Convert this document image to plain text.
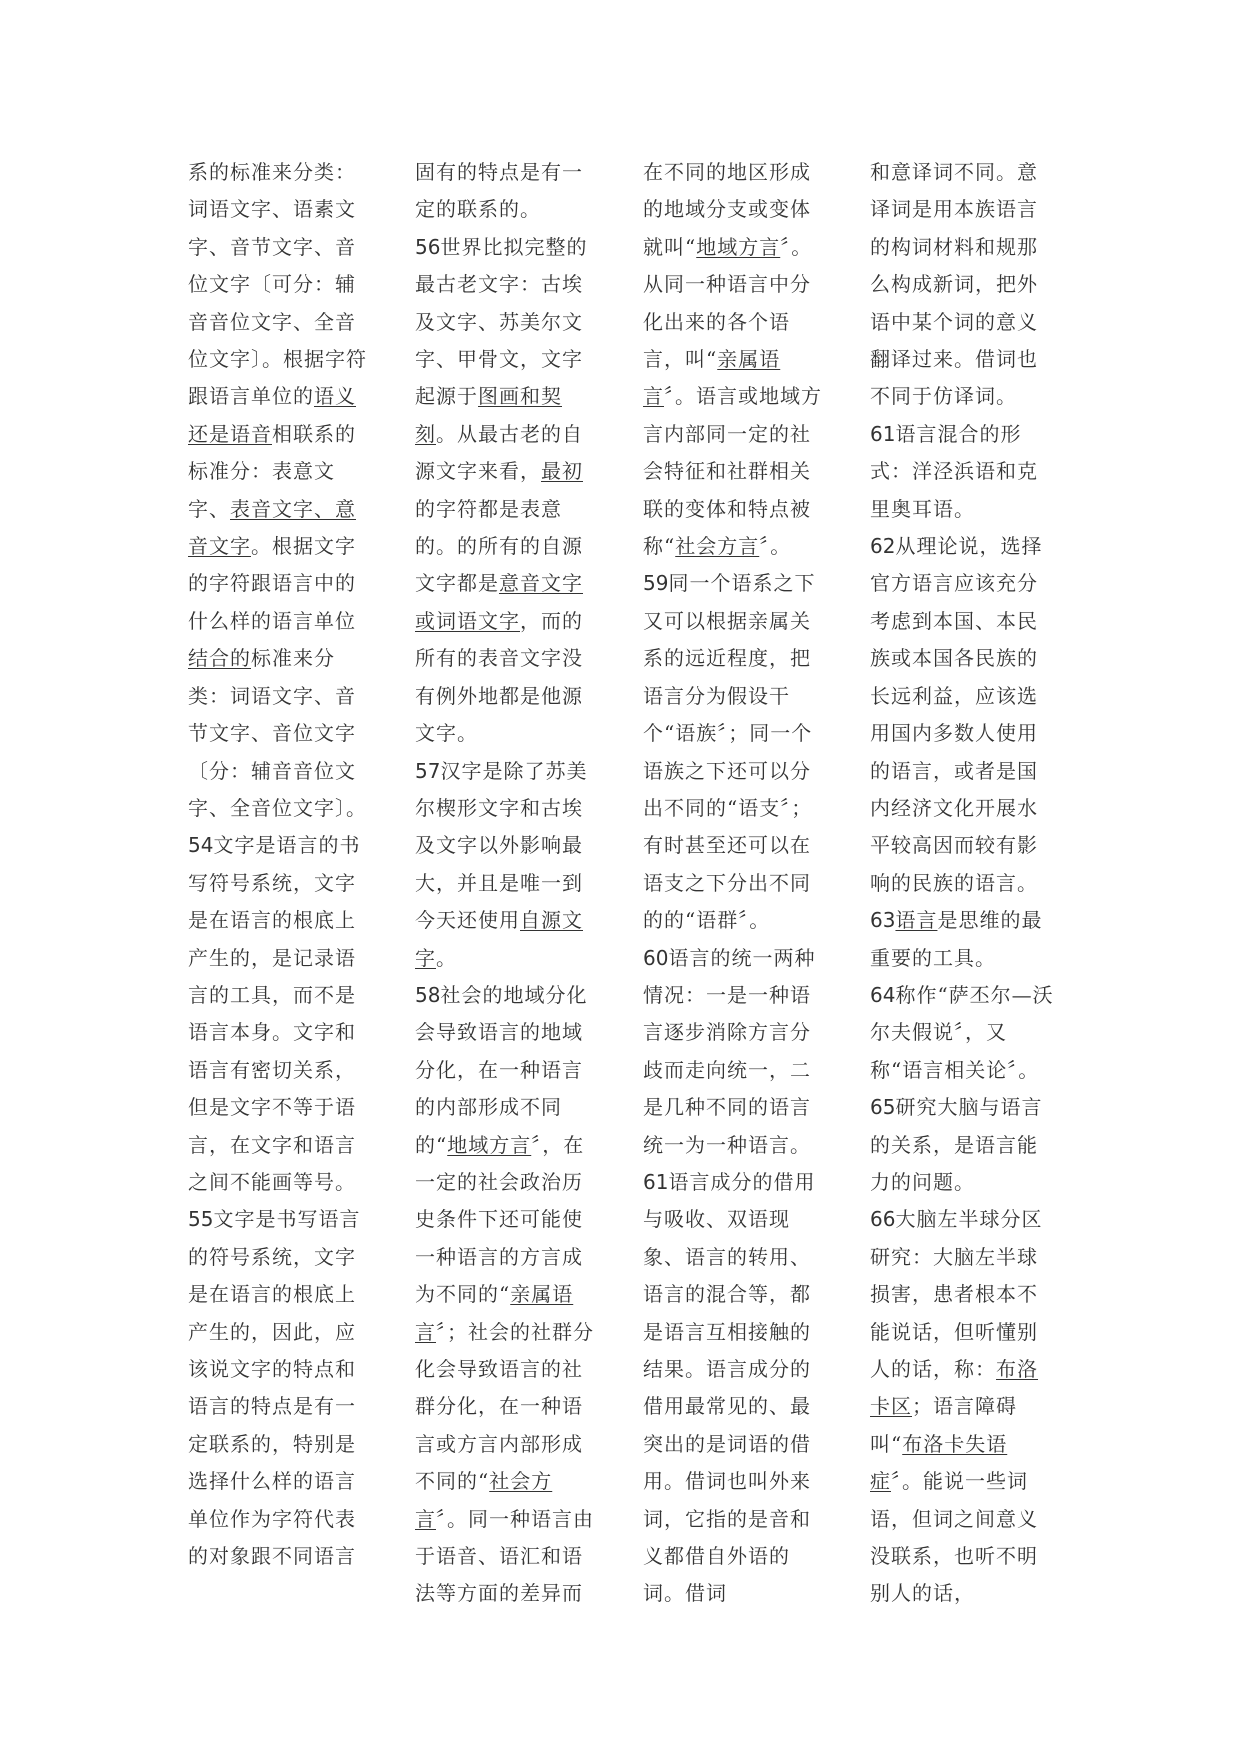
系的标准来分类：词语文字、语素文字、音节文字、音位文字〔可分：辅音音位文字、全音位文字〕。根据字符跟语言单位的语义还是语音相联系的标准分：表意文字、表音文字、意音文字。根据文字的字符跟语言中的什么样的语言单位结合的标准来分类：词语文字、音节文字、音位文字〔分：辅音音位文字、全音位文字〕。
54文字是语言的书写符号系统，文字是在语言的根底上产生的，是记录语言的工具，而不是语言本身。文字和语言有密切关系，但是文字不等于语言，在文字和语言之间不能画等号。
55文字是书写语言的符号系统，文字是在语言的根底上产生的，因此，应该说文字的特点和语言的特点是有一定联系的，特别是选择什么样的语言单位作为字符代表的对象跟不同语言
固有的特点是有一定的联系的。
56世界比拟完整的最古老文字：古埃及文字、苏美尔文字、甲骨文，文字起源于图画和契刻。从最古老的自源文字来看，最初的字符都是表意的。的所有的自源文字都是意音文字或词语文字，而的所有的表音文字没有例外地都是他源文字。
57汉字是除了苏美尔楔形文字和古埃及文字以外影响最大，并且是唯一到今天还使用自源文字。
58社会的地域分化会导致语言的地域分化，在一种语言的内部形成不同的“地域方言〞，在一定的社会政治历史条件下还可能使一种语言的方言成为不同的“亲属语言〞；社会的社群分化会导致语言的社群分化，在一种语言或方言内部形成不同的“社会方言〞。同一种语言由于语音、语汇和语法等方面的差异而
在不同的地区形成的地域分支或变体就叫“地域方言〞。从同一种语言中分化出来的各个语言，叫“亲属语言〞。语言或地域方言内部同一定的社会特征和社群相关联的变体和特点被称“社会方言〞。
59同一个语系之下又可以根据亲属关系的远近程度，把语言分为假设干个“语族〞；同一个语族之下还可以分出不同的“语支〞；有时甚至还可以在语支之下分出不同的的“语群〞。
60语言的统一两种情况：一是一种语言逐步消除方言分歧而走向统一，二是几种不同的语言统一为一种语言。
61语言成分的借用与吸收、双语现象、语言的转用、语言的混合等，都是语言互相接触的结果。语言成分的借用最常见的、最突出的是词语的借用。借词也叫外来词，它指的是音和义都借自外语的词。借词
和意译词不同。意译词是用本族语言的构词材料和规那么构成新词，把外语中某个词的意义翻译过来。借词也不同于仿译词。
61语言混合的形式：洋泾浜语和克里奥耳语。
62从理论说，选择官方语言应该充分考虑到本国、本民族或本国各民族的长远利益，应该选用国内多数人使用的语言，或者是国内经济文化开展水平较高因而较有影响的民族的语言。
63语言是思维的最重要的工具。
64称作“萨丕尔—沃尔夫假说〞，又称“语言相关论〞。
65研究大脑与语言的关系，是语言能力的问题。
66大脑左半球分区研究：大脑左半球损害，患者根本不能说话，但听懂别人的话，称：布洛卡区；语言障碍叫“布洛卡失语症〞。能说一些词语，但词之间意义没联系，也听不明别人的话，
